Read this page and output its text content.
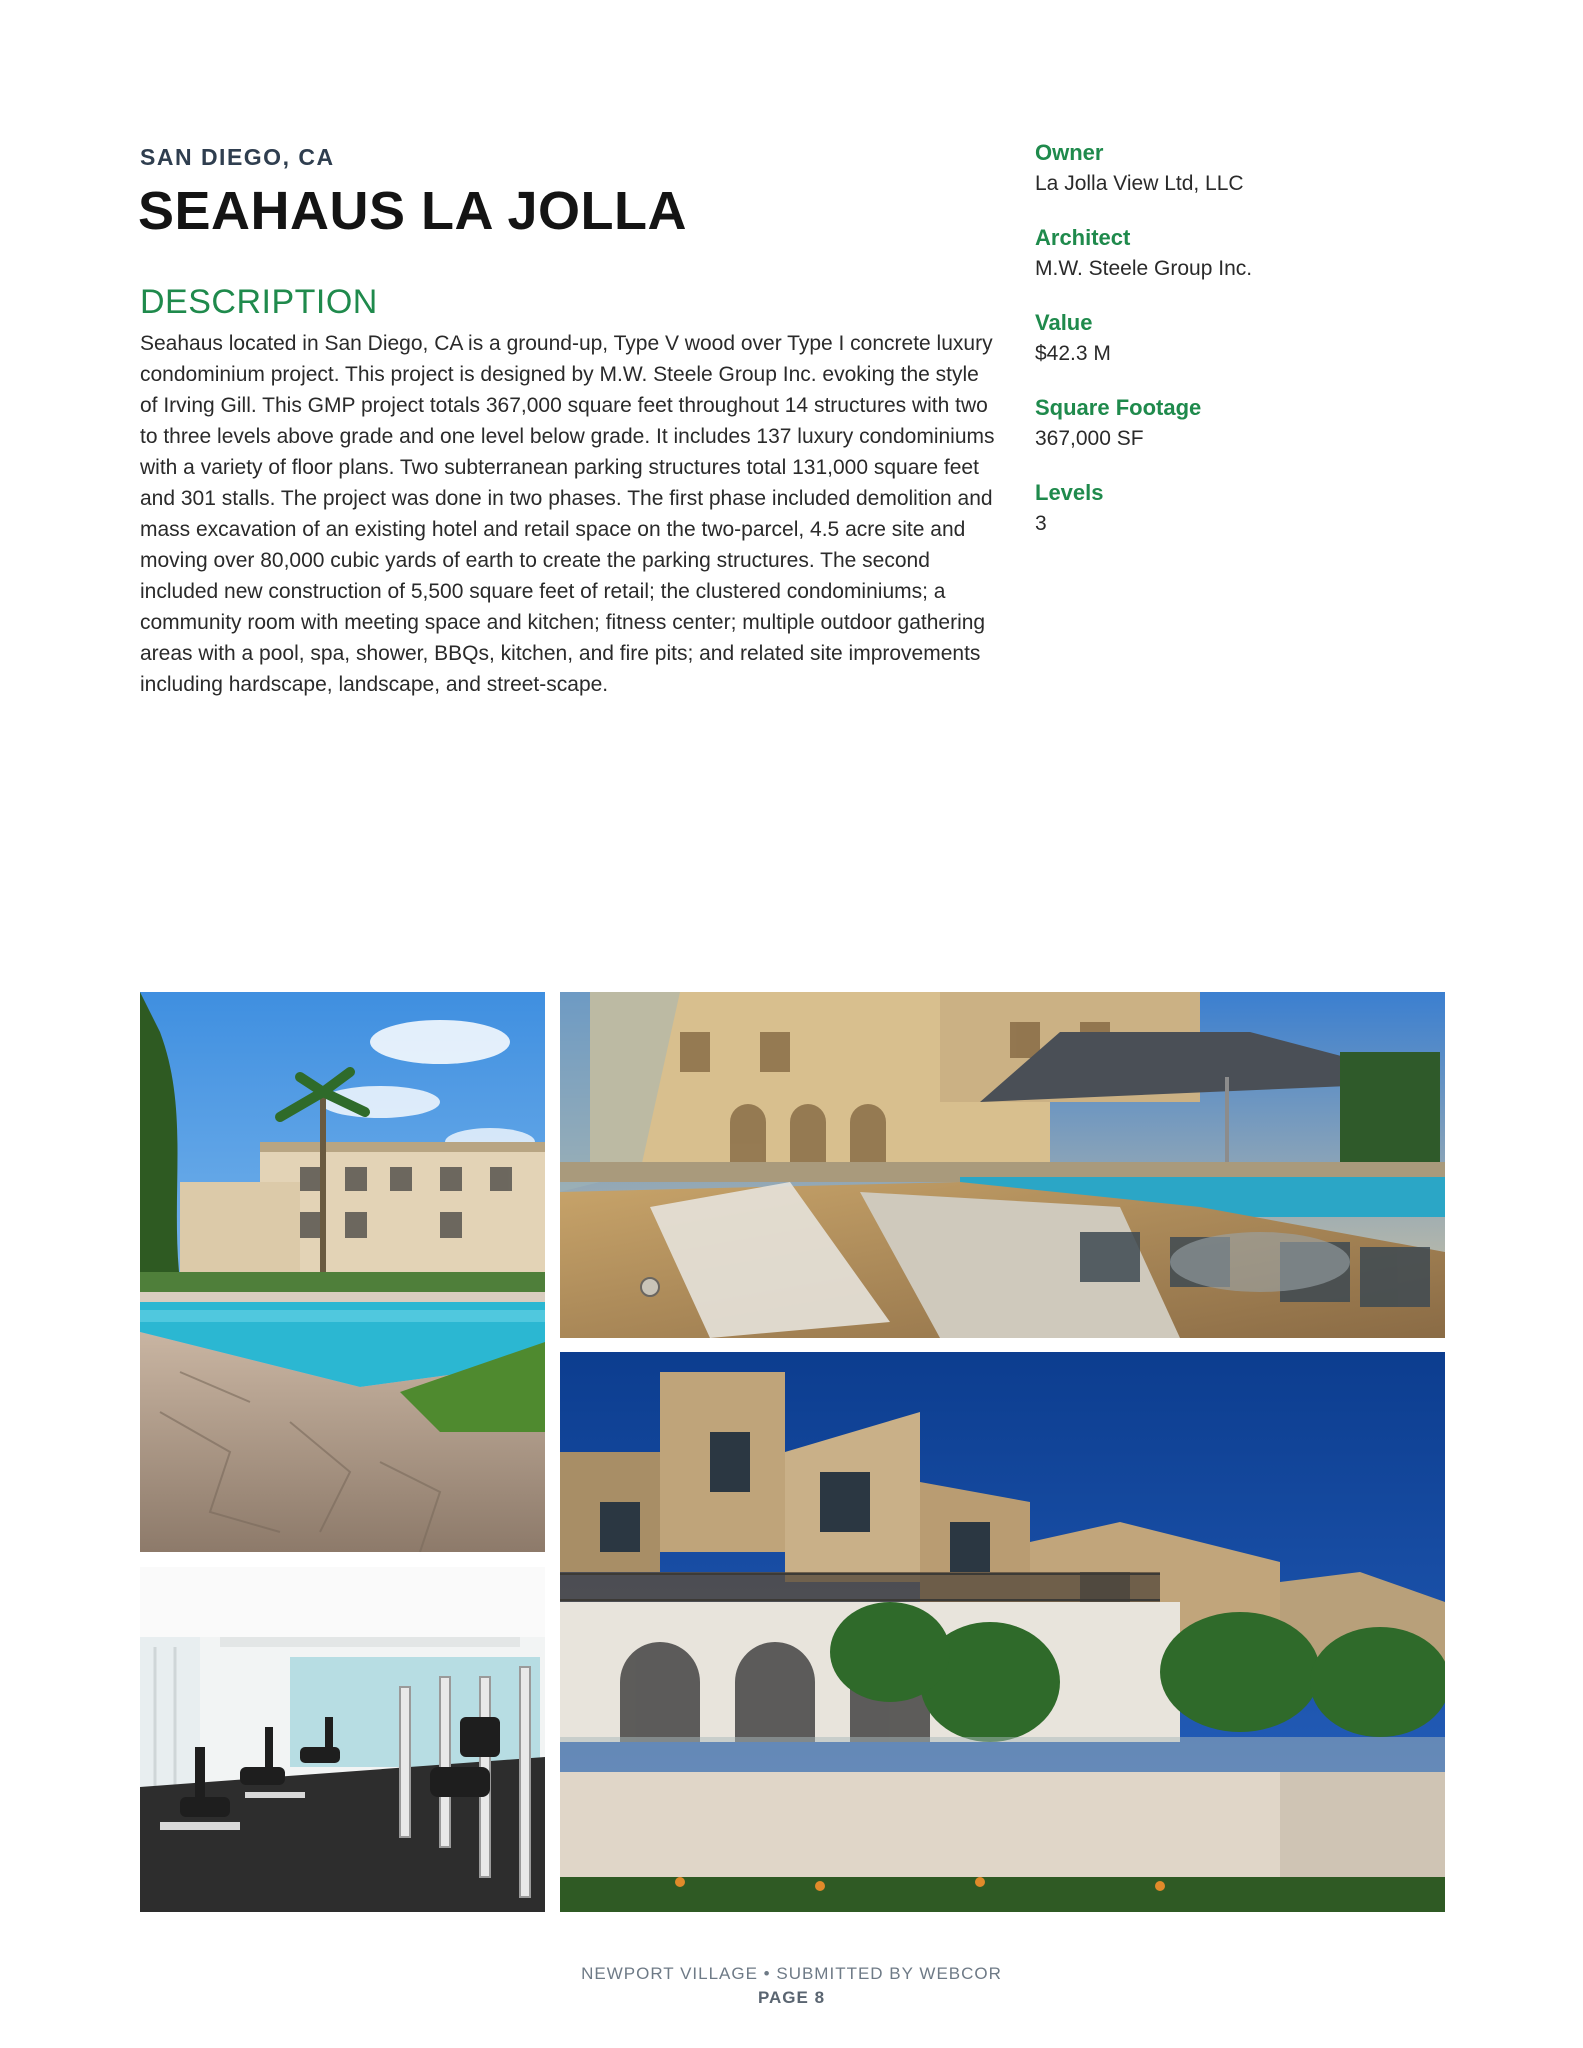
SAN DIEGO, CA
SEAHAUS LA JOLLA
DESCRIPTION
Seahaus located in San Diego, CA is a ground-up, Type V wood over Type I concrete luxury condominium project. This project is designed by M.W. Steele Group Inc. evoking the style of Irving Gill. This GMP project totals 367,000 square feet throughout 14 structures with two to three levels above grade and one level below grade. It includes 137 luxury condominiums with a variety of floor plans. Two subterranean parking structures total 131,000 square feet and 301 stalls. The project was done in two phases. The first phase included demolition and mass excavation of an existing hotel and retail space on the two-parcel, 4.5 acre site and moving over 80,000 cubic yards of earth to create the parking structures. The second included new construction of 5,500 square feet of retail; the clustered condominiums; a community room with meeting space and kitchen; fitness center; multiple outdoor gathering areas with a pool, spa, shower, BBQs, kitchen, and fire pits; and related site improvements including hardscape, landscape, and street-scape.
Owner
La Jolla View Ltd, LLC
Architect
M.W. Steele Group Inc.
Value
$42.3 M
Square Footage
367,000 SF
Levels
3
NEWPORT VILLAGE • SUBMITTED BY WEBCOR
PAGE 8
